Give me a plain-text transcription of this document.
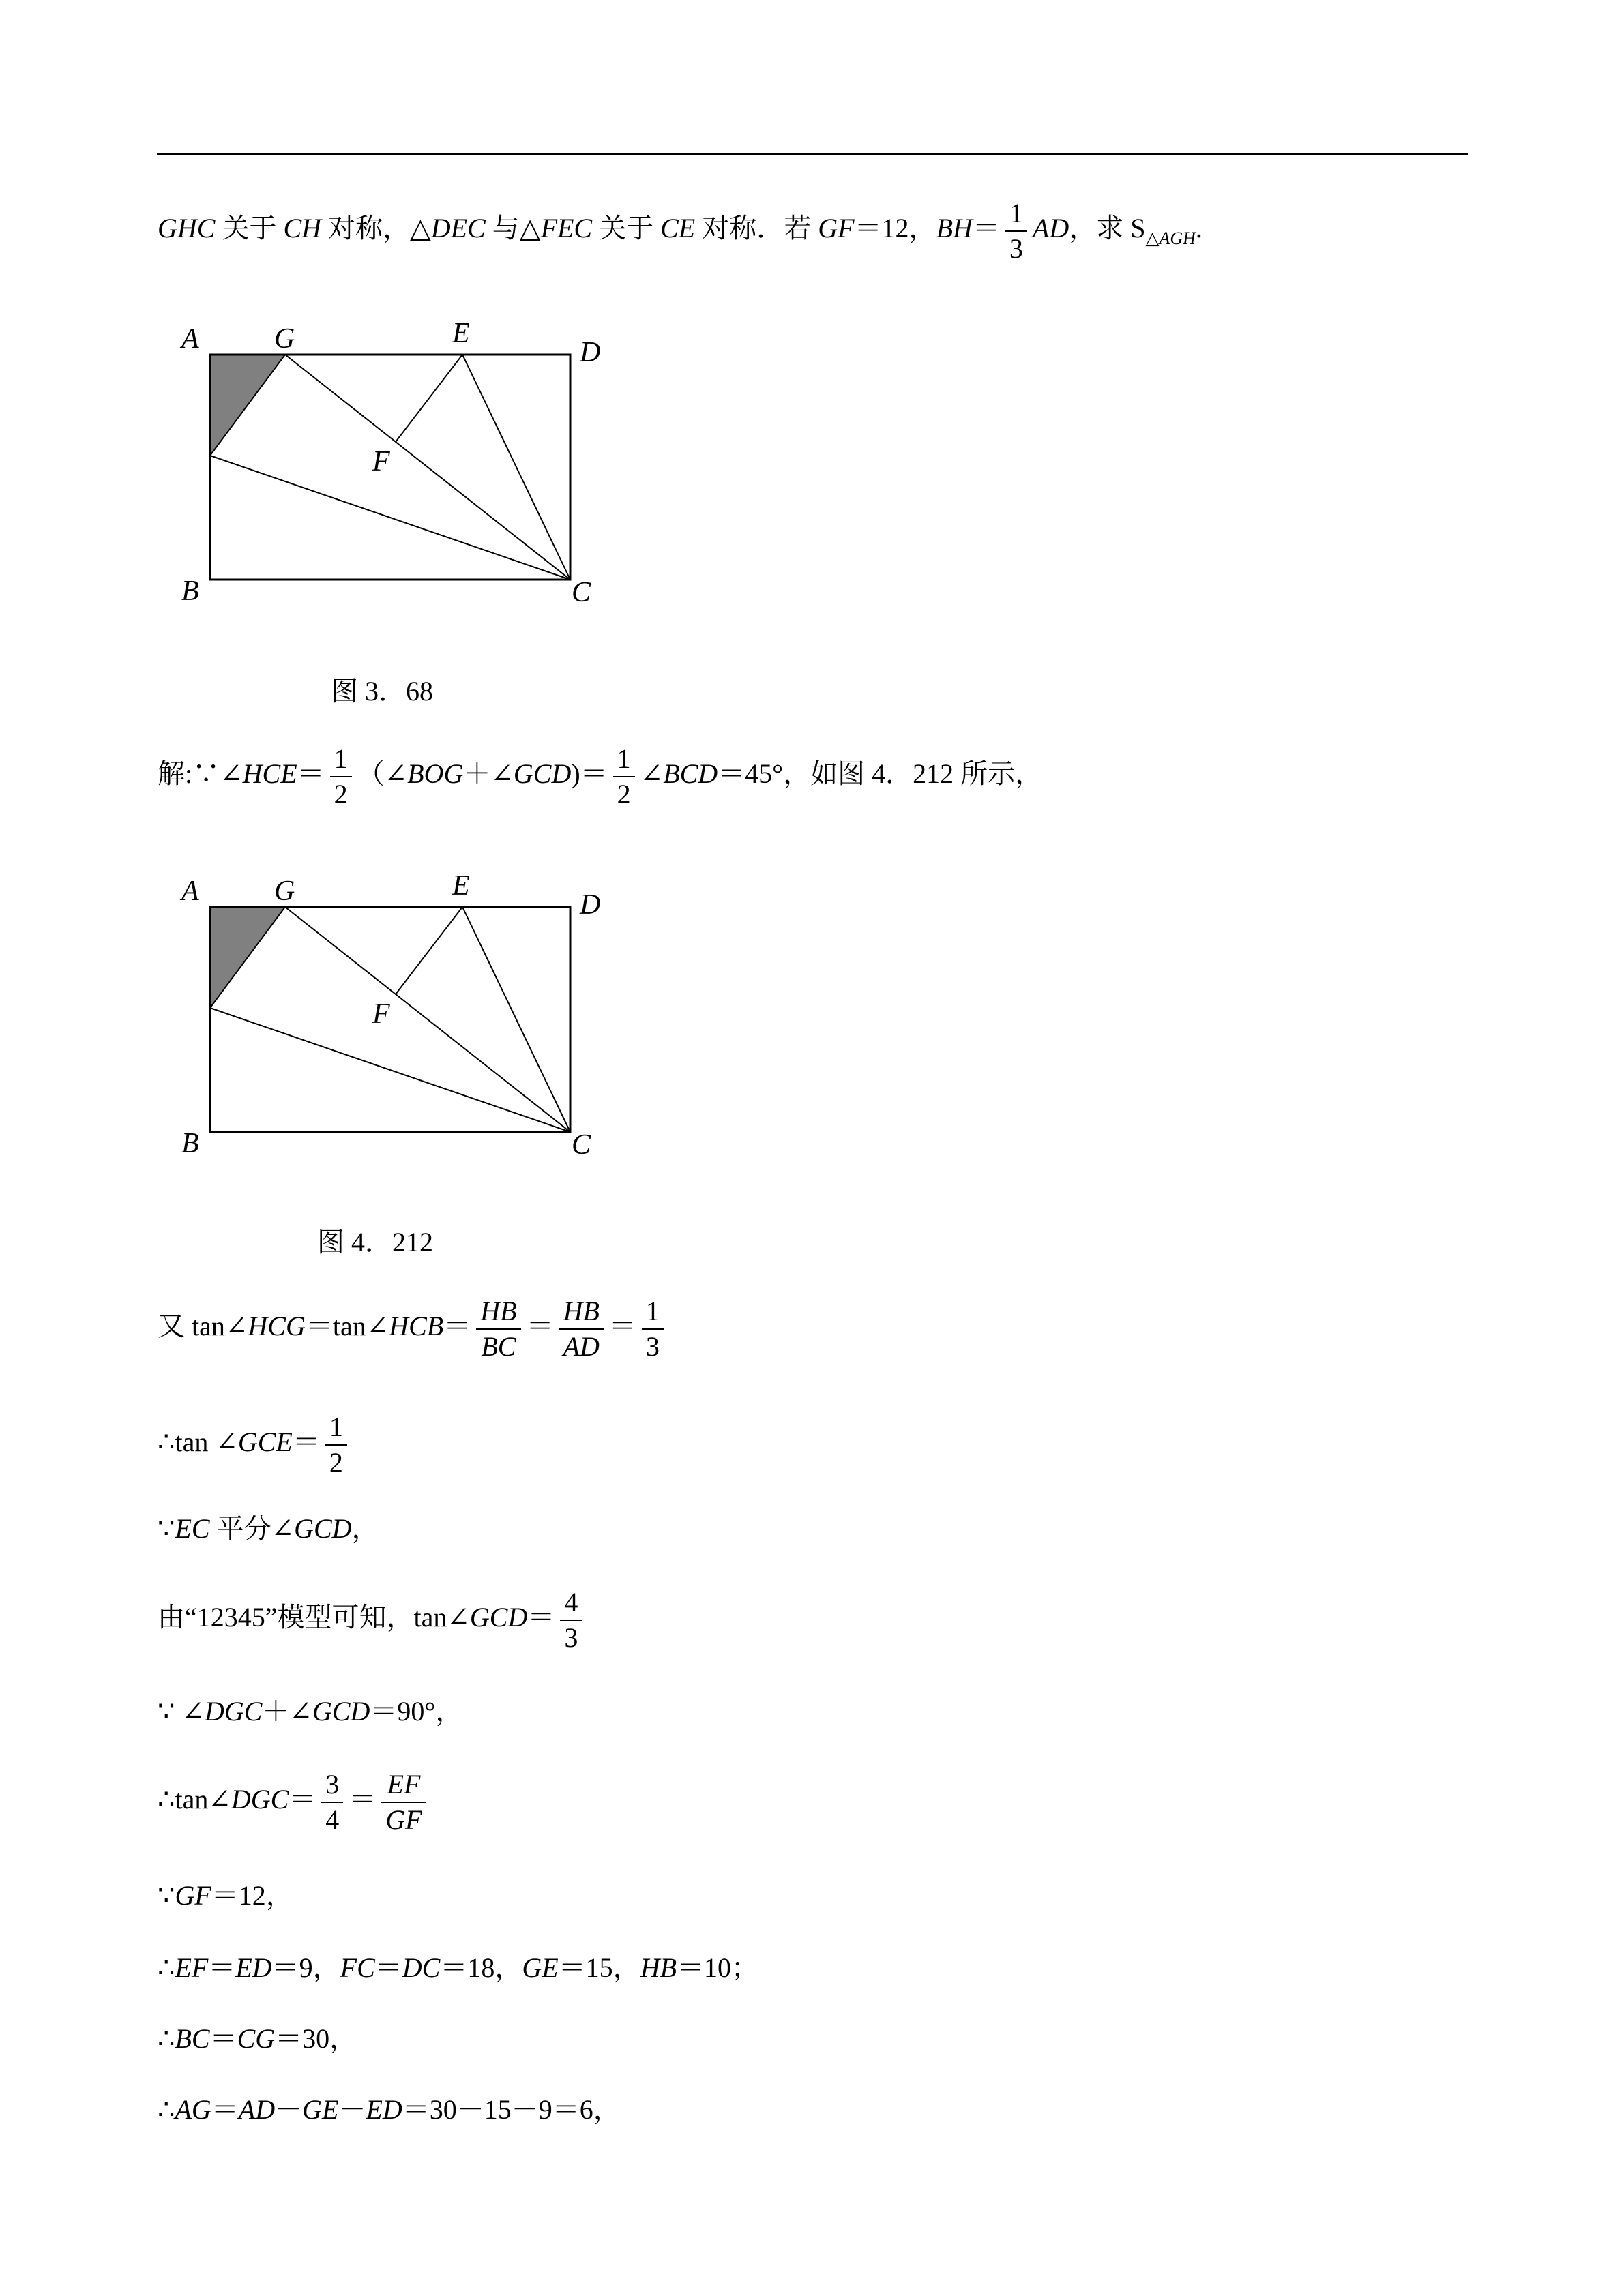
GHC 关于 CH 对称，△DEC 与△FEC 关于 CE 对称．若 GF＝12，$BH= \frac{1}{3}$ AD，求 $S_{\triangle AGH}$.
A	G	E
D
F
B	C
图 3．68
解:∵∠HCE＝ $\frac{1}{2}$ （∠BOG＋∠GCD)＝ $\frac{1}{2}$ ∠BCD＝45°，如图 4．212 所示，
A	G	E
D
F
B	C
图 4．212
又 tan∠HCG＝tan∠HCB＝ $\frac{HB}{BC} = \frac{HB}{AD} = \frac{1}{3}$
∴tan ∠GCE＝ $\frac{1}{2}$
∵EC 平分∠GCD，
由“12345”模型可知，tan∠GCD＝ $\frac{4}{3}$
∵ ∠DGC＋∠GCD＝90°，
∴tan∠DGC＝ $\frac{3}{4} = \frac{EF}{GF}$
∵GF＝12，
∴EF＝ED＝9，FC＝DC＝18，GE＝15，HB＝10；
∴BC＝CG＝30，
∴AG＝AD－GE－ED＝30－15－9＝6，
